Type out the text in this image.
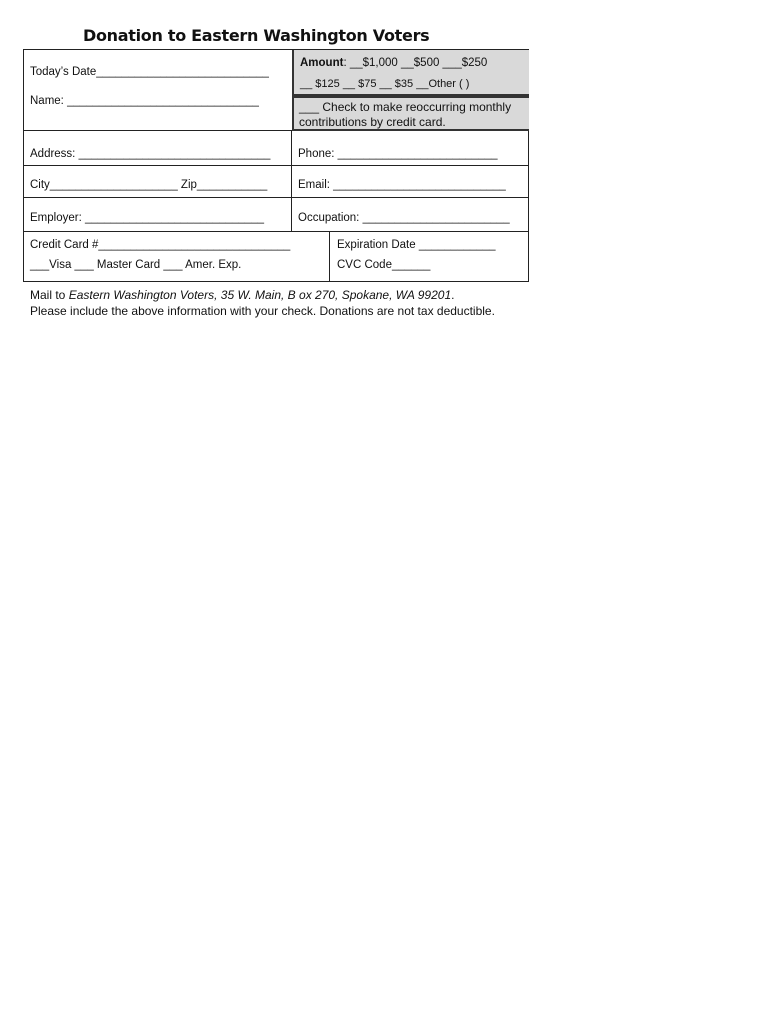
Donation to Eastern Washington Voters
Amount: __$1,000 __$500 ___$250
__ $125 __ $75 __ $35 __Other ( )
___ Check to make reoccurring monthly
contributions by credit card.
Today’s Date___________________________
Name: ______________________________
Address: ______________________________ Phone: _________________________
City____________________ Zip___________	Email: ___________________________
Employer: ____________________________	Occupation: _______________________
Credit Card #______________________________
___Visa ___ Master Card ___ Amer. Exp.
Expiration Date ____________
CVC Code______
Mail to Eastern Washington Voters, 35 W. Main, B ox 270, Spokane, WA 99201.
Please include the above information with your check. Donations are not tax deductible.
